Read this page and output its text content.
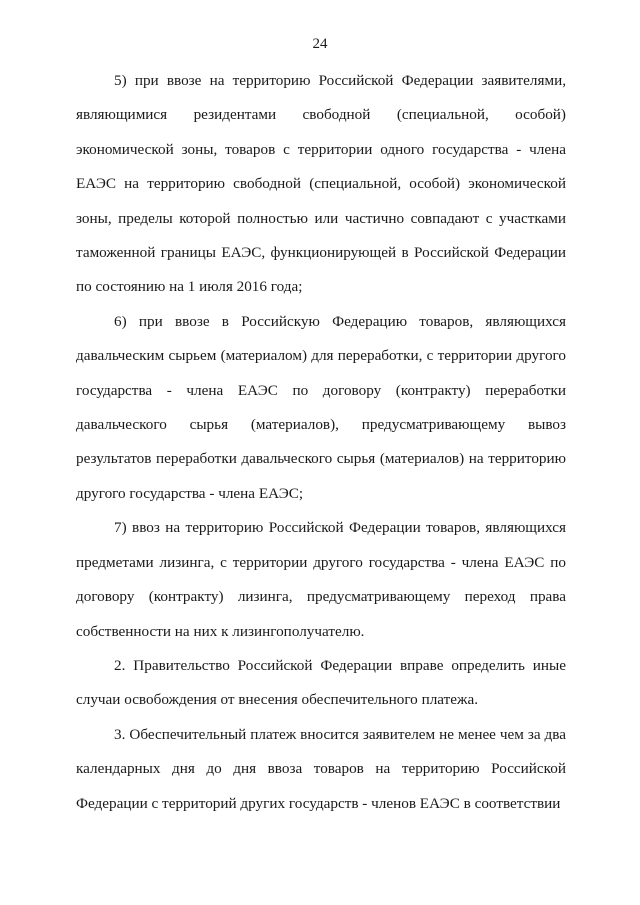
24

5) при ввозе на территорию Российской Федерации заявителями, являющимися резидентами свободной (специальной, особой) экономической зоны, товаров с территории одного государства - члена ЕАЭС на территорию свободной (специальной, особой) экономической зоны, пределы которой полностью или частично совпадают с участками таможенной границы ЕАЭС, функционирующей в Российской Федерации по состоянию на 1 июля 2016 года;

6) при ввозе в Российскую Федерацию товаров, являющихся давальческим сырьем (материалом) для переработки, с территории другого государства - члена ЕАЭС по договору (контракту) переработки давальческого сырья (материалов), предусматривающему вывоз результатов переработки давальческого сырья (материалов) на территорию другого государства - члена ЕАЭС;

7) ввоз на территорию Российской Федерации товаров, являющихся предметами лизинга, с территории другого государства - члена ЕАЭС по договору (контракту) лизинга, предусматривающему переход права собственности на них к лизингополучателю.

2. Правительство Российской Федерации вправе определить иные случаи освобождения от внесения обеспечительного платежа.

3. Обеспечительный платеж вносится заявителем не менее чем за два календарных дня до дня ввоза товаров на территорию Российской Федерации с территорий других государств - членов ЕАЭС в соответствии
